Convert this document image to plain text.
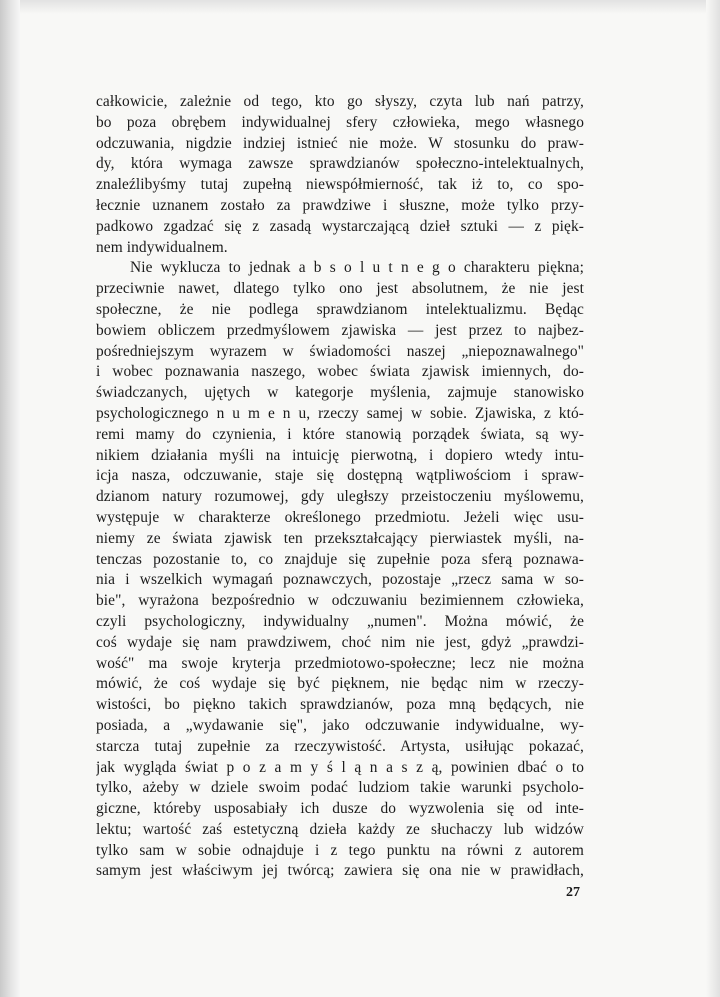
całkowicie, zależnie od tego, kto go słyszy, czyta lub nań patrzy,
bo poza obrębem indywidualnej sfery człowieka, mego własnego
odczuwania, nigdzie indziej istnieć nie może. W stosunku do praw-
dy, która wymaga zawsze sprawdzianów społeczno-intelektualnych,
znaleźlibyśmy tutaj zupełną niewspółmierność, tak iż to, co spo-
łecznie uznanem zostało za prawdziwe i słuszne, może tylko przy-
padkowo zgadzać się z zasadą wystarczającą dzieł sztuki — z pięk-
nem indywidualnem.
Nie wyklucza to jednak a b s o l u t n e g o charakteru piękna;
przeciwnie nawet, dlatego tylko ono jest absolutnem, że nie jest
społeczne, że nie podlega sprawdzianom intelektualizmu. Będąc
bowiem obliczem przedmyślowem zjawiska — jest przez to najbez-
pośredniejszym wyrazem w świadomości naszej „niepoznawalnego"
i wobec poznawania naszego, wobec świata zjawisk imiennych, do-
świadczanych, ujętych w kategorje myślenia, zajmuje stanowisko
psychologicznego n u m e n u, rzeczy samej w sobie. Zjawiska, z któ-
remi mamy do czynienia, i które stanowią porządek świata, są wy-
nikiem działania myśli na intuicję pierwotną, i dopiero wtedy intu-
icja nasza, odczuwanie, staje się dostępną wątpliwościom i spraw-
dzianom natury rozumowej, gdy uległszy przeistoczeniu myślowemu,
występuje w charakterze określonego przedmiotu. Jeżeli więc usu-
niemy ze świata zjawisk ten przekształcający pierwiastek myśli, na-
tenczas pozostanie to, co znajduje się zupełnie poza sferą poznawa-
nia i wszelkich wymagań poznawczych, pozostaje „rzecz sama w so-
bie", wyrażona bezpośrednio w odczuwaniu bezimiennem człowieka,
czyli psychologiczny, indywidualny „numen". Można mówić, że
coś wydaje się nam prawdziwem, choć nim nie jest, gdyż „prawdzi-
wość" ma swoje kryterja przedmiotowo-społeczne; lecz nie można
mówić, że coś wydaje się być pięknem, nie będąc nim w rzeczy-
wistości, bo piękno takich sprawdzianów, poza mną będących, nie
posiada, a „wydawanie się", jako odczuwanie indywidualne, wy-
starcza tutaj zupełnie za rzeczywistość. Artysta, usiłując pokazać,
jak wygląda świat p o z a m y ś l ą n a s z ą, powinien dbać o to
tylko, ażeby w dziele swoim podać ludziom takie warunki psycholo-
giczne, któreby usposabiały ich dusze do wyzwolenia się od inte-
lektu; wartość zaś estetyczną dzieła każdy ze słuchaczy lub widzów
tylko sam w sobie odnajduje i z tego punktu na równi z autorem
samym jest właściwym jej twórcą; zawiera się ona nie w prawidłach,
27
